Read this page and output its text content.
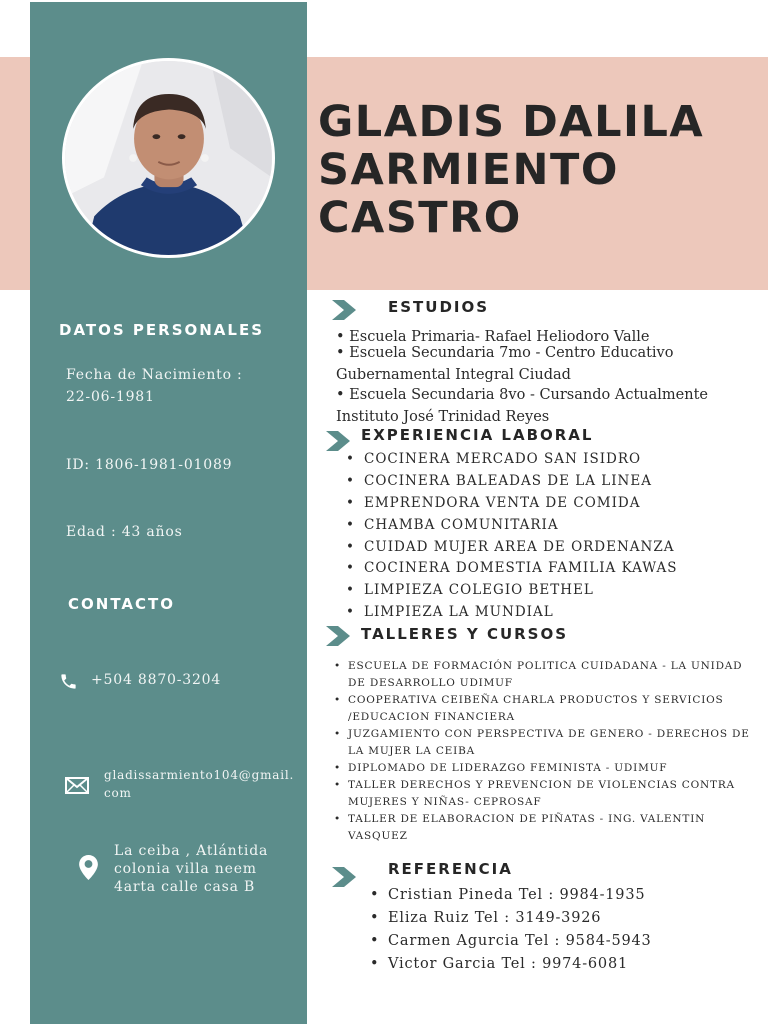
GLADIS DALILA
SARMIENTO
CASTRO
DATOS PERSONALES
Fecha de Nacimiento :
22-06-1981
ID: 1806-1981-01089
Edad : 43 años
CONTACTO
+504 8870-3204
gladissarmiento104@gmail.
com
La ceiba , Atlántida
colonia villa neem
4arta calle casa B
ESTUDIOS
• Escuela Primaria- Rafael Heliodoro Valle
• Escuela Secundaria 7mo - Centro Educativo
Gubernamental Integral Ciudad
• Escuela Secundaria 8vo - Cursando Actualmente
Instituto José Trinidad Reyes
EXPERIENCIA LABORAL
• COCINERA MERCADO SAN ISIDRO
• COCINERA BALEADAS DE LA LINEA
• EMPRENDORA VENTA DE COMIDA
• CHAMBA COMUNITARIA
• CUIDAD MUJER AREA DE ORDENANZA
• COCINERA DOMESTIA FAMILIA KAWAS
• LIMPIEZA COLEGIO BETHEL
• LIMPIEZA LA MUNDIAL
TALLERES Y CURSOS
• ESCUELA DE FORMACIÓN POLITICA CUIDADANA - LA UNIDAD DE DESARROLLO UDIMUF
• COOPERATIVA CEIBEÑA CHARLA PRODUCTOS Y SERVICIOS /EDUCACION FINANCIERA
• JUZGAMIENTO CON PERSPECTIVA DE GENERO - DERECHOS DE LA MUJER LA CEIBA
• DIPLOMADO DE LIDERAZGO FEMINISTA - UDIMUF
• TALLER DERECHOS Y PREVENCION DE VIOLENCIAS CONTRA MUJERES Y NIÑAS- CEPROSAF
• TALLER DE ELABORACION DE PIÑATAS - ING. VALENTIN VASQUEZ
REFERENCIA
• Cristian Pineda Tel : 9984-1935
• Eliza Ruiz Tel : 3149-3926
• Carmen Agurcia Tel : 9584-5943
• Victor Garcia Tel : 9974-6081
